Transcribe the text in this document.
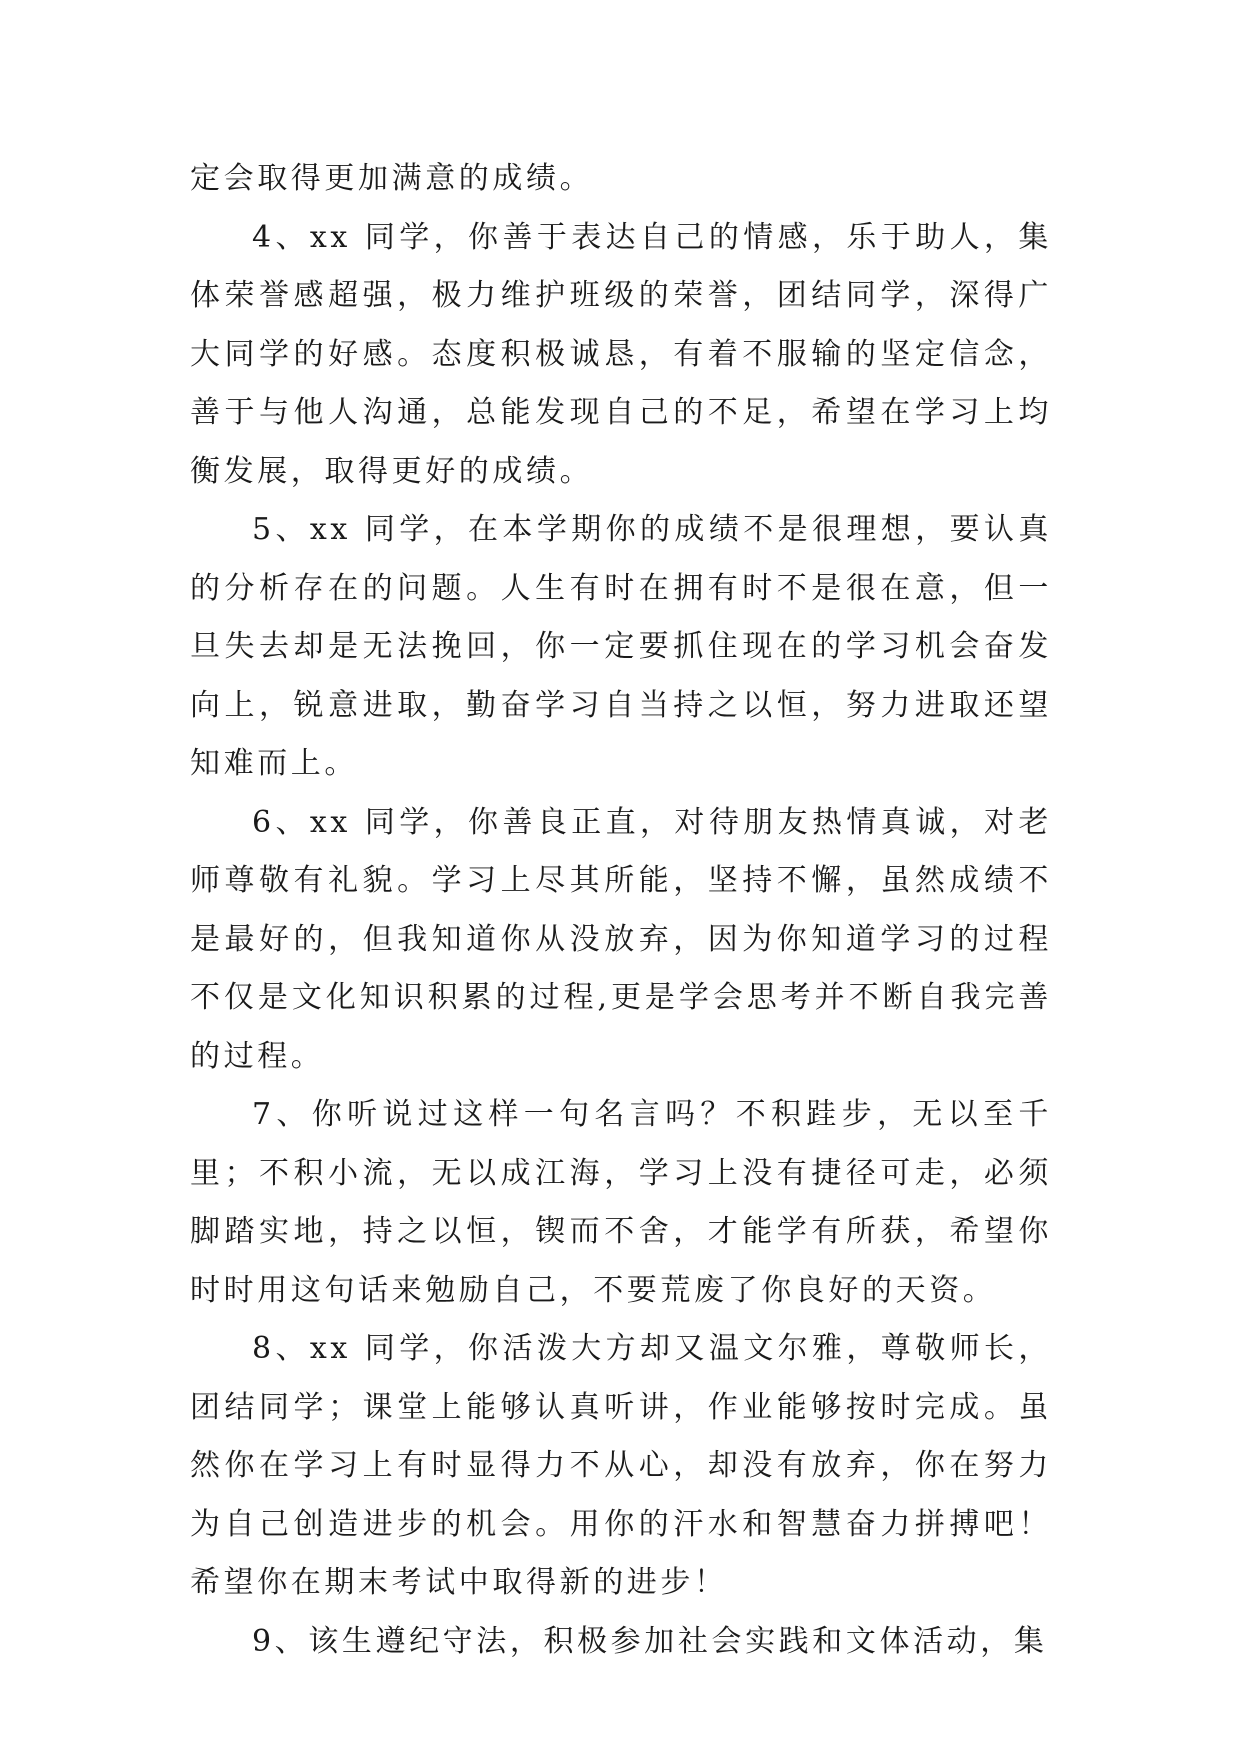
定会取得更加满意的成绩。

4、xx 同学，你善于表达自己的情感，乐于助人，集体荣誉感超强，极力维护班级的荣誉，团结同学，深得广大同学的好感。态度积极诚恳，有着不服输的坚定信念，善于与他人沟通，总能发现自己的不足，希望在学习上均衡发展，取得更好的成绩。

5、xx 同学，在本学期你的成绩不是很理想，要认真的分析存在的问题。人生有时在拥有时不是很在意，但一旦失去却是无法挽回，你一定要抓住现在的学习机会奋发向上，锐意进取，勤奋学习自当持之以恒，努力进取还望知难而上。

6、xx 同学，你善良正直，对待朋友热情真诚，对老师尊敬有礼貌。学习上尽其所能，坚持不懈，虽然成绩不是最好的，但我知道你从没放弃，因为你知道学习的过程不仅是文化知识积累的过程,更是学会思考并不断自我完善的过程。

7、你听说过这样一句名言吗？不积跬步，无以至千里；不积小流，无以成江海，学习上没有捷径可走，必须脚踏实地，持之以恒，锲而不舍，才能学有所获，希望你时时用这句话来勉励自己，不要荒废了你良好的天资。

8、xx 同学，你活泼大方却又温文尔雅，尊敬师长，团结同学；课堂上能够认真听讲，作业能够按时完成。虽然你在学习上有时显得力不从心，却没有放弃，你在努力为自己创造进步的机会。用你的汗水和智慧奋力拼搏吧！希望你在期末考试中取得新的进步！

9、该生遵纪守法，积极参加社会实践和文体活动，集
